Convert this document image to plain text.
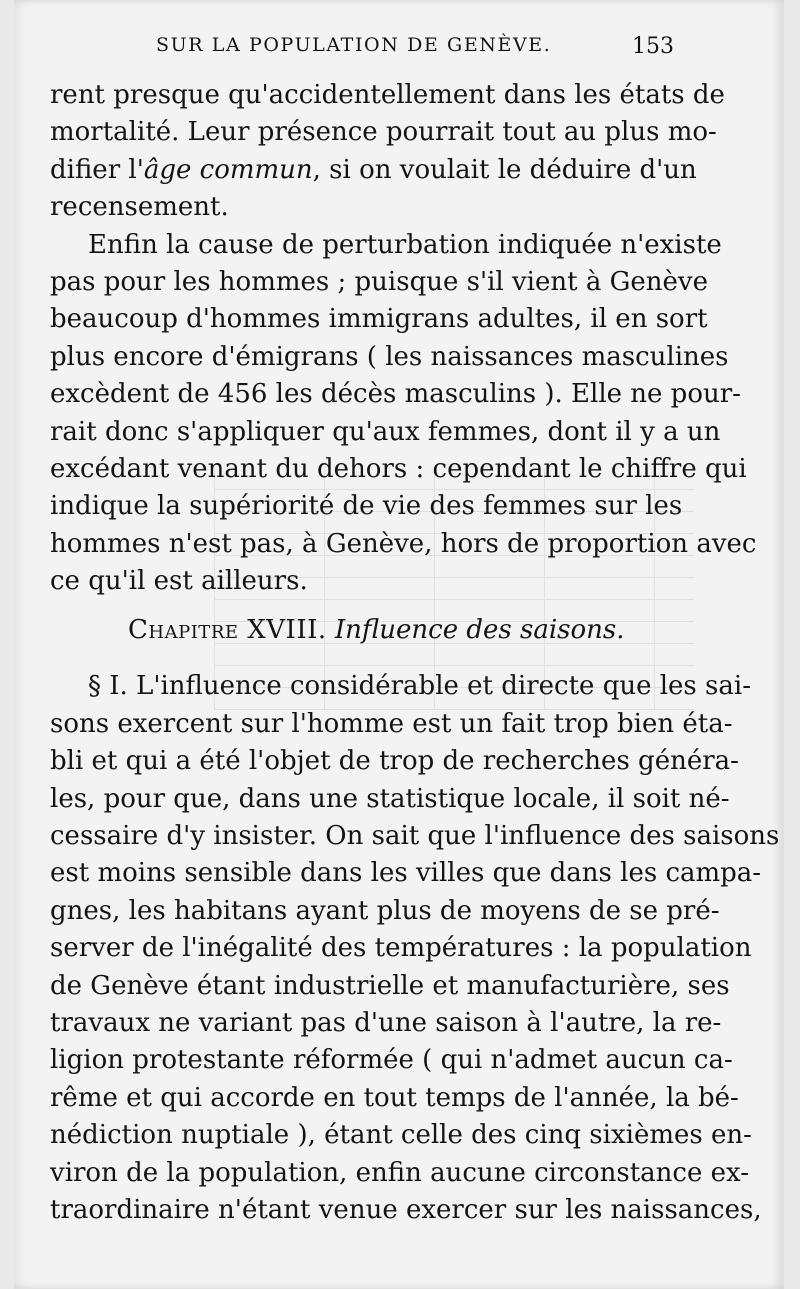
SUR LA POPULATION DE GENÈVE.	153
rent presque qu'accidentellement dans les états de
mortalité. Leur présence pourrait tout au plus mo-
difier l'âge commun, si on voulait le déduire d'un
recensement.
Enfin la cause de perturbation indiquée n'existe
pas pour les hommes ; puisque s'il vient à Genève
beaucoup d'hommes immigrans adultes, il en sort
plus encore d'émigrans ( les naissances masculines
excèdent de 456 les décès masculins ). Elle ne pour-
rait donc s'appliquer qu'aux femmes, dont il y a un
excédant venant du dehors : cependant le chiffre qui
indique la supériorité de vie des femmes sur les
hommes n'est pas, à Genève, hors de proportion avec
ce qu'il est ailleurs.
Chapitre XVIII. Influence des saisons.
§ I. L'influence considérable et directe que les sai-
sons exercent sur l'homme est un fait trop bien éta-
bli et qui a été l'objet de trop de recherches généra-
les, pour que, dans une statistique locale, il soit né-
cessaire d'y insister. On sait que l'influence des saisons
est moins sensible dans les villes que dans les campa-
gnes, les habitans ayant plus de moyens de se pré-
server de l'inégalité des températures : la population
de Genève étant industrielle et manufacturière, ses
travaux ne variant pas d'une saison à l'autre, la re-
ligion protestante réformée ( qui n'admet aucun ca-
rême et qui accorde en tout temps de l'année, la bé-
nédiction nuptiale ), étant celle des cinq sixièmes en-
viron de la population, enfin aucune circonstance ex-
traordinaire n'étant venue exercer sur les naissances,
